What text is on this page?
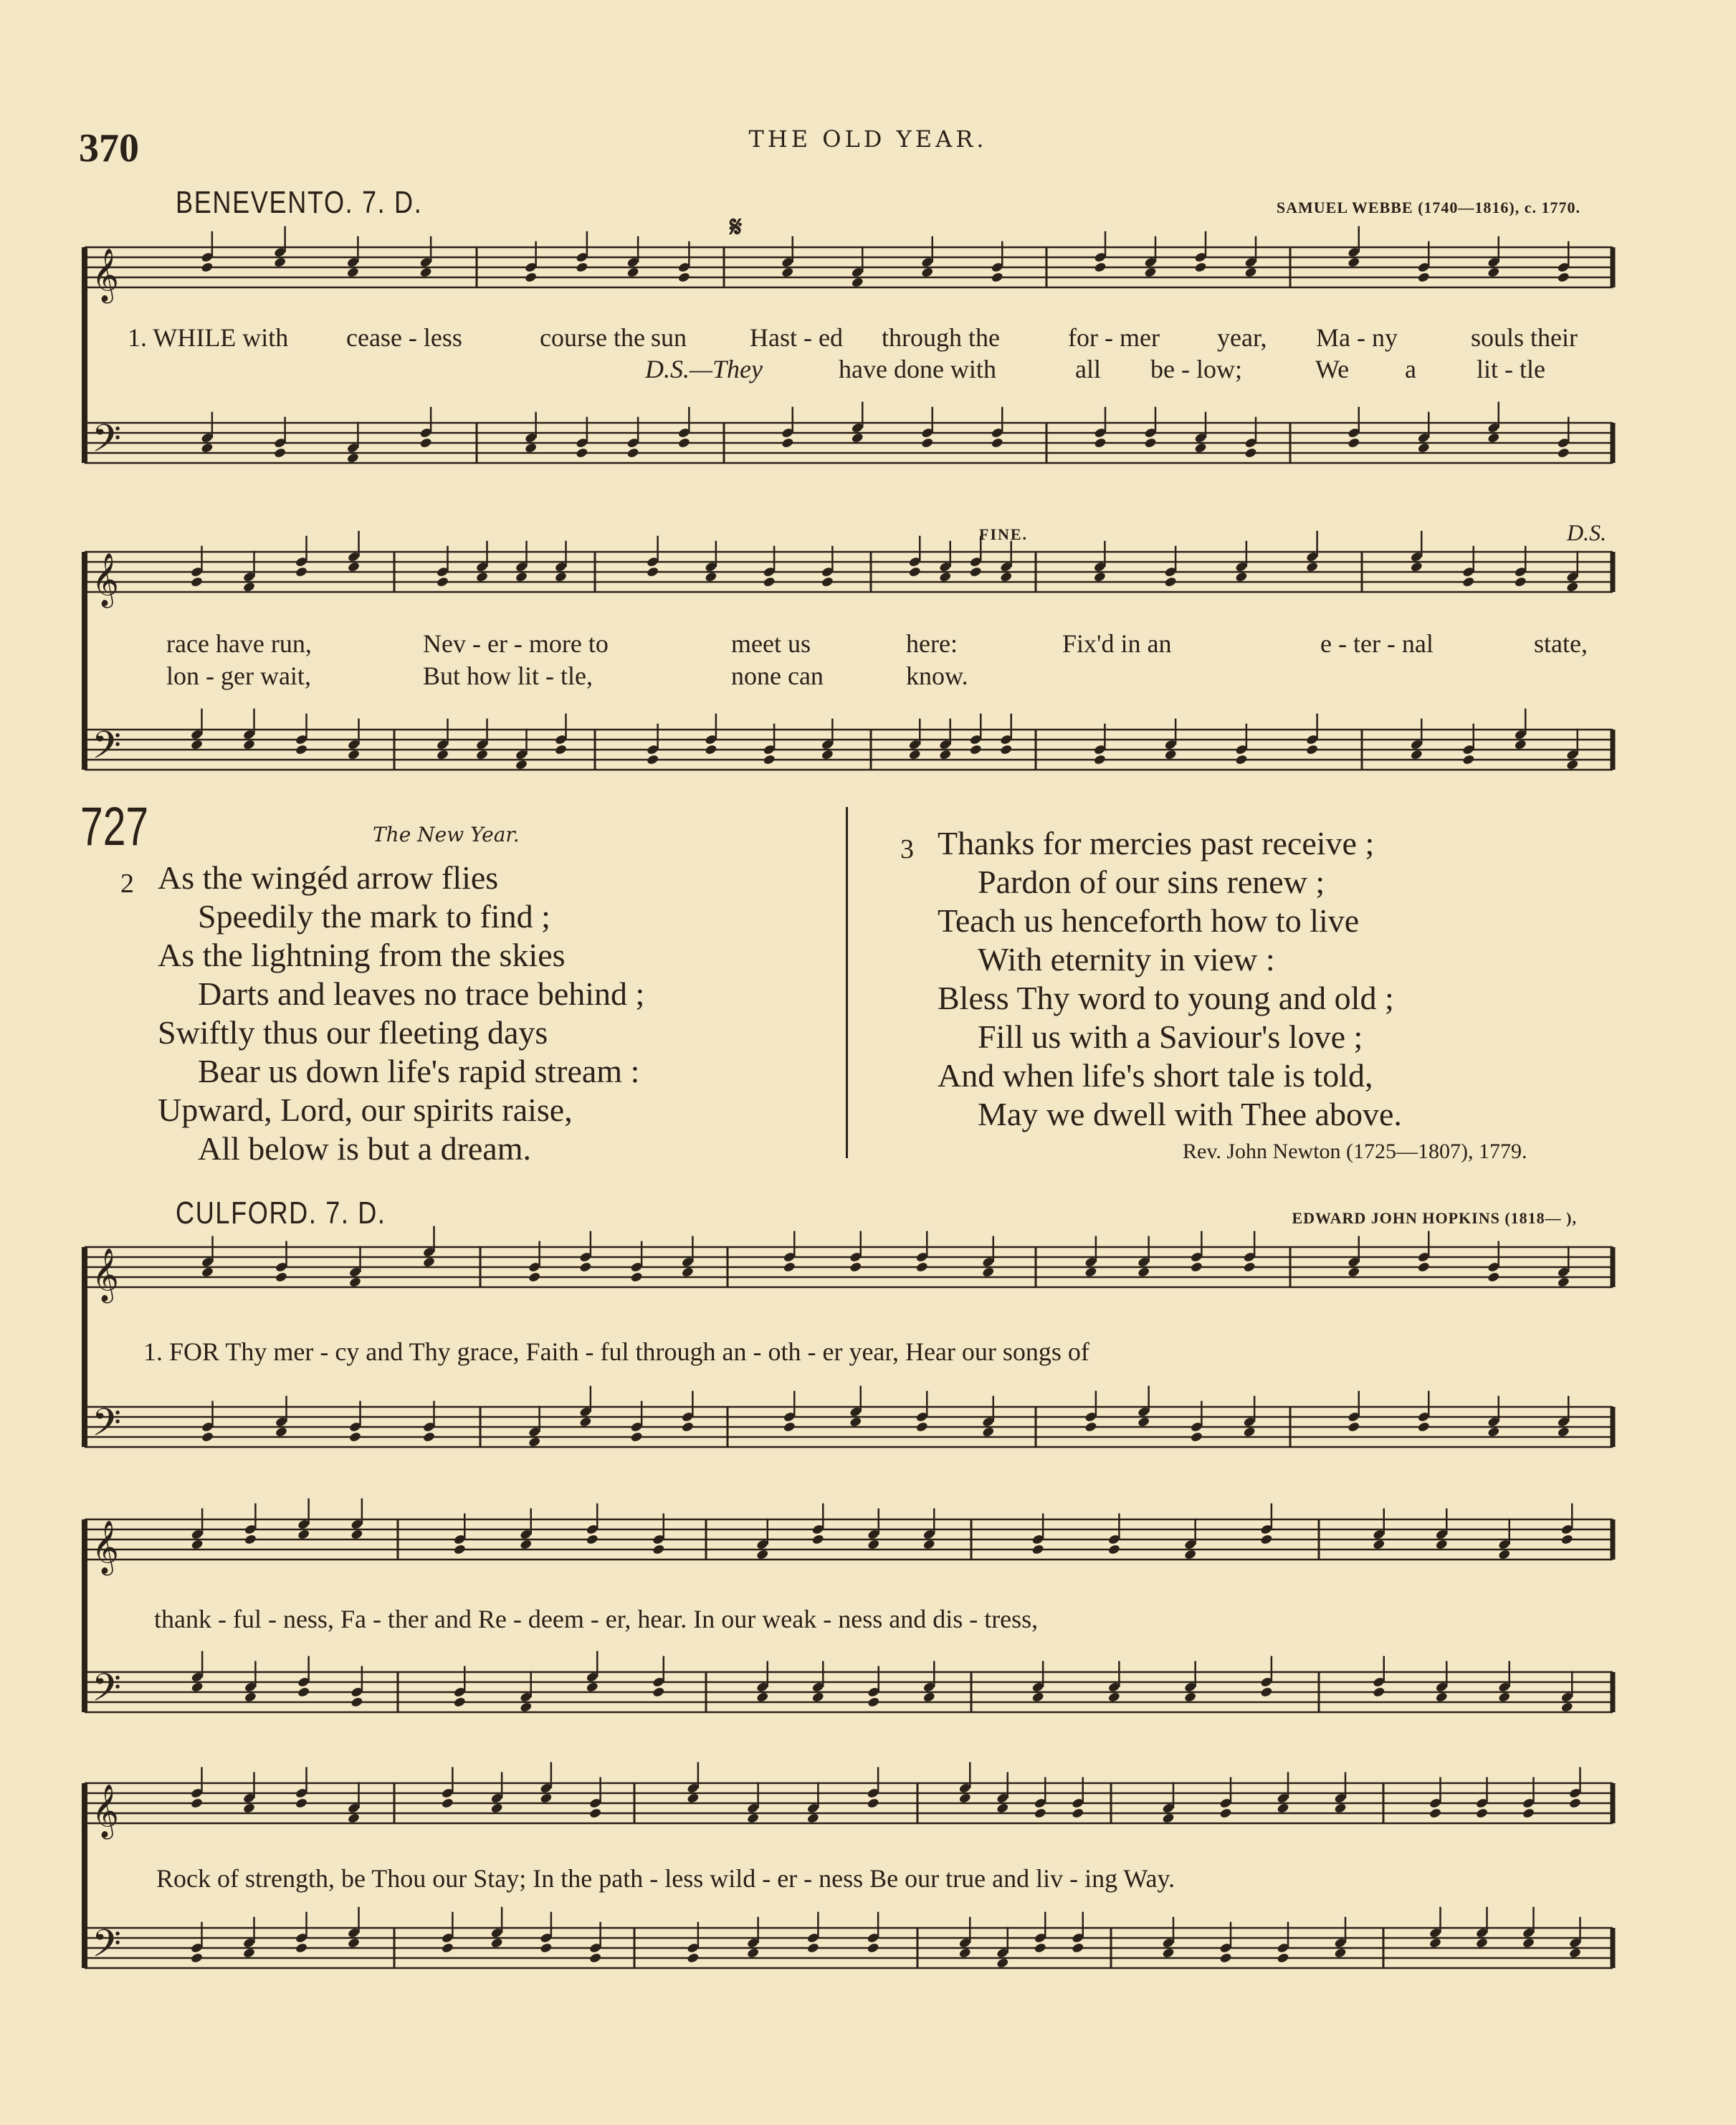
370	THE OLD YEAR.
BENEVENTO. 7. D.	SAMUEL WEBBE (1740—1816), c. 1770.
𝄋
𝄞
𝄢
𝄞
𝄢
𝄞
𝄢
𝄞
𝄢
𝄞
𝄢
1. WHILE with cease - less	course the sun Hast - ed through the	for - mer year, Ma - ny	souls their
D.S.—They	have done with	all be - low;	We a lit - tle
FINE.	D.S.
race have run,	Nev - er - more to	meet us	here:	Fix'd in an	e - ter - nal	state,
lon - ger wait,	But how lit - tle,	none can	know.
727	The New Year.
2 As the wingéd arrow flies
Speedily the mark to find ;
As the lightning from the skies
Darts and leaves no trace behind ;
Swiftly thus our fleeting days
Bear us down life's rapid stream :
Upward, Lord, our spirits raise,
All below is but a dream.
3 Thanks for mercies past receive ;
Pardon of our sins renew ;
Teach us henceforth how to live
With eternity in view :
Bless Thy word to young and old ;
Fill us with a Saviour's love ;
And when life's short tale is told,
May we dwell with Thee above.
Rev. John Newton (1725—1807), 1779.
CULFORD. 7. D.	EDWARD JOHN HOPKINS (1818— ),
1. FOR Thy mer - cy and Thy grace, Faith - ful through an - oth - er year, Hear our songs of
thank - ful - ness, Fa - ther and Re - deem - er, hear. In our weak - ness and dis - tress,
Rock of strength, be Thou our Stay; In the path - less wild - er - ness Be our true and liv - ing Way.
